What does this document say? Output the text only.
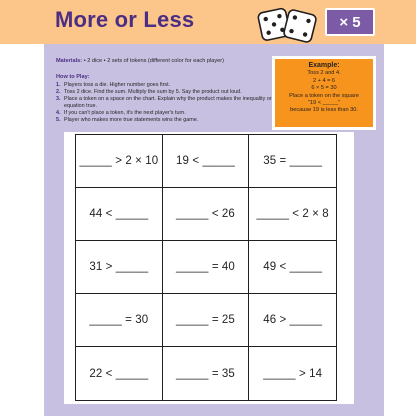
More or Less	× 5
Materials: • 2 dice • 2 sets of tokens (different color for each player)
How to Play:
1. Players toss a die. Higher number goes first.
2. Toss 2 dice. Find the sum. Multiply the sum by 5. Say the product out loud.
3. Place a token on a space on the chart. Explain why the product makes the inequality or equation true.
4. If you can't place a token, it's the next player's turn.
5. Player who makes more true statements wins the game.
Example:
Toss 2 and 4.
2 + 4 = 6
6 × 5 = 30
Place a token on the square
"19 < _____"
because 19 is less than 30.
_____ > 2 × 10	19 < _____	35 = _____
44 < _____	_____ < 26	_____ < 2 × 8
31 > _____	_____ = 40	49 < _____
_____ = 30	_____ = 25	46 > _____
22 < _____	_____ = 35	_____ > 14
